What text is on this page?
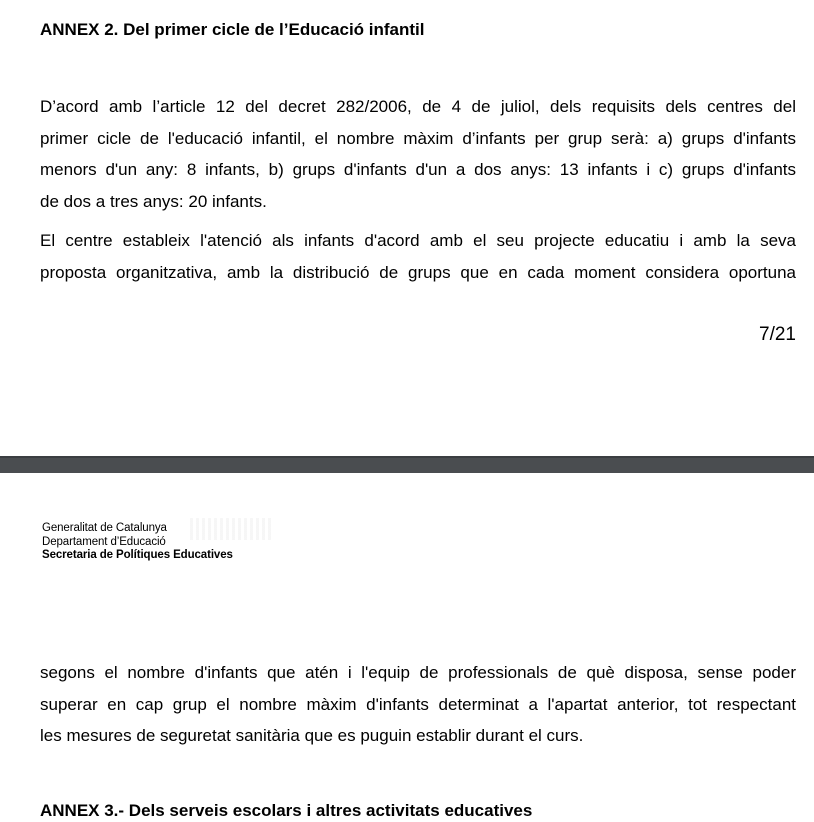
ANNEX 2. Del primer cicle de l’Educació infantil

D’acord amb l’article 12 del decret 282/2006, de 4 de juliol, dels requisits dels centres del

primer cicle de l'educació infantil, el nombre màxim d’infants per grup serà: a) grups d'infants

menors d'un any: 8 infants, b) grups d'infants d'un a dos anys: 13 infants i c) grups d'infants

de dos a tres anys: 20 infants.

El centre estableix l'atenció als infants d'acord amb el seu projecte educatiu i amb la seva

proposta organitzativa, amb la distribució de grups que en cada moment considera oportuna

7/21
Generalitat de Catalunya
Departament d’Educació
Secretaria de Polítiques Educatives

segons el nombre d'infants que atén i l'equip de professionals de què disposa, sense poder

superar en cap grup el nombre màxim d'infants determinat a l'apartat anterior, tot respectant

les mesures de seguretat sanitària que es puguin establir durant el curs.

ANNEX 3.- Dels serveis escolars i altres activitats educatives
